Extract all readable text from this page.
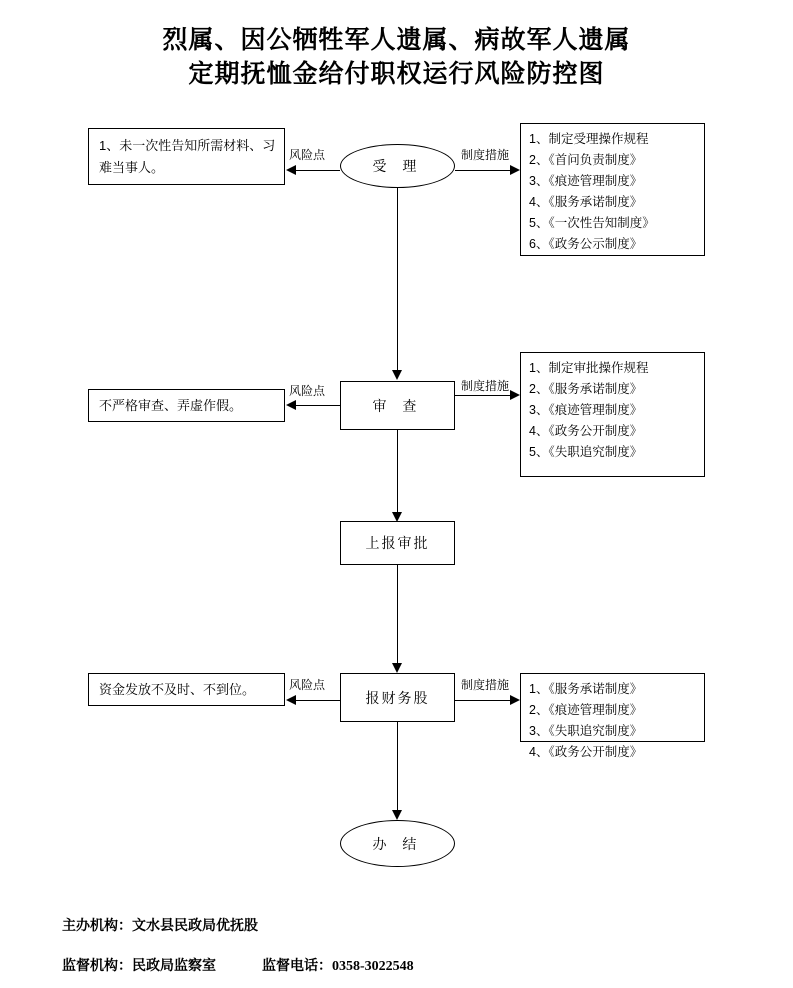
烈属、因公牺牲军人遗属、病故军人遗属
定期抚恤金给付职权运行风险防控图
1、未一次性告知所需材料、习难当事人。	受 理
1、制定受理操作规程
2、《首问负责制度》
3、《痕迹管理制度》
4、《服务承诺制度》
5、《一次性告知制度》
6、《政务公示制度》
风险点	制度措施
不严格审查、弄虚作假。	审 查
1、制定审批操作规程
2、《服务承诺制度》
3、《痕迹管理制度》
4、《政务公开制度》
5、《失职追究制度》
风险点	制度措施
上报审批
资金发放不及时、不到位。
报财务股
1、《服务承诺制度》
2、《痕迹管理制度》
3、《失职追究制度》
4、《政务公开制度》
风险点	制度措施
办 结
主办机构：文水县民政局优抚股
监督机构：民政局监察室	监督电话：0358-3022548
